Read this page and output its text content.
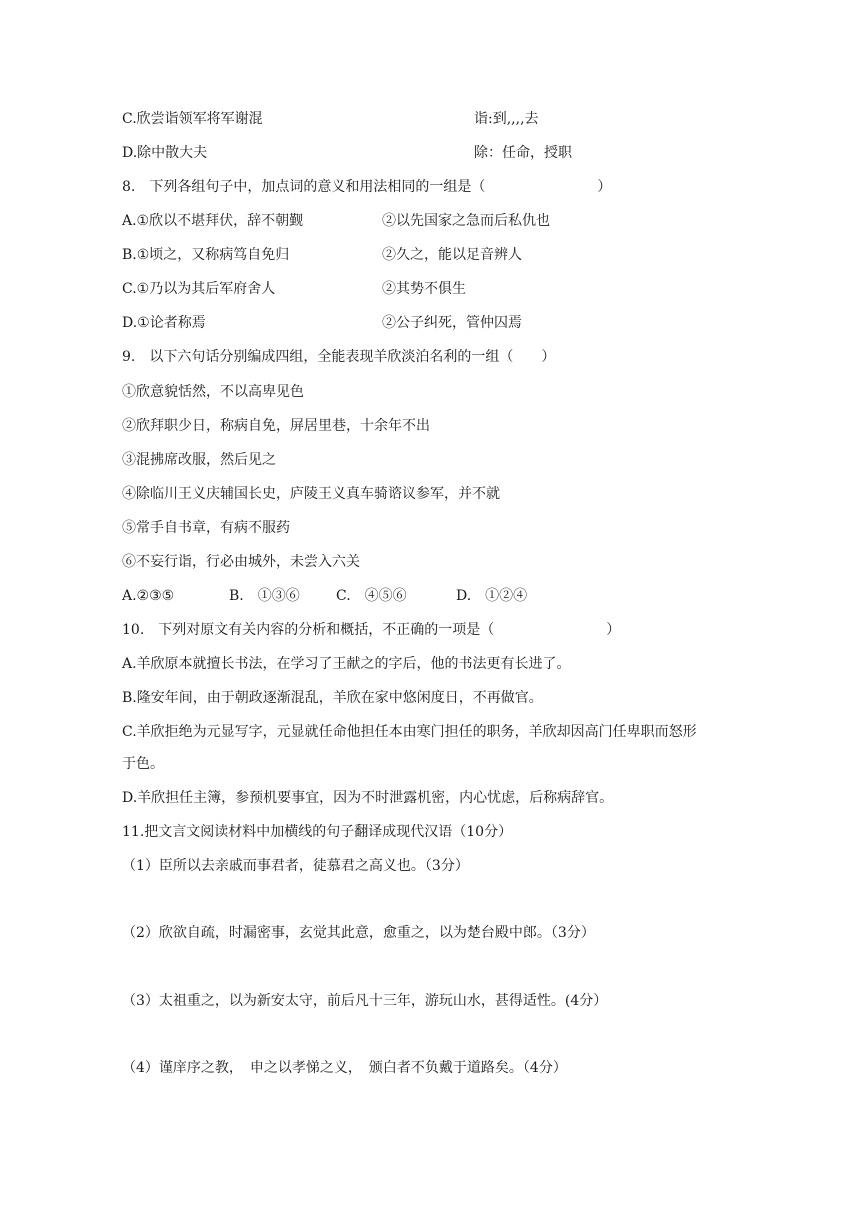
C.欣尝诣领军将军谢混	诣:到,,,,去
D.除中散大夫	除：任命，授职
8.　下列各组句子中，加点词的意义和用法相同的一组是（　　　　　　　　）
A.①欣以不堪拜伏，辞不朝觐	②以先国家之急而后私仇也
B.①顷之，又称病笃自免归	②久之，能以足音辨人
C.①乃以为其后军府舍人	②其势不俱生
D.①论者称焉	②公子纠死，管仲囚焉
9.　以下六句话分别编成四组，全能表现羊欣淡泊名利的一组（　　）
①欣意貌恬然，不以高卑见色
②欣拜职少日，称病自免，屏居里巷，十余年不出
③混拂席改服，然后见之
④除临川王义庆辅国长史，庐陵王义真车骑谘议参军，并不就
⑤常手自书章，有病不服药
⑥不妄行诣，行必由城外，未尝入六关
A.②③⑤	B.　①③⑥	C.　④⑤⑥	D.　①②④
10.　下列对原文有关内容的分析和概括，不正确的一项是（　　　　　　　　）
A.羊欣原本就擅长书法，在学习了王献之的字后，他的书法更有长进了。
B.隆安年间，由于朝政逐渐混乱，羊欣在家中悠闲度日，不再做官。
C.羊欣拒绝为元显写字，元显就任命他担任本由寒门担任的职务，羊欣却因高门任卑职而怒形
于色。
D.羊欣担任主簿，参预机要事宜，因为不时泄露机密，内心忧虑，后称病辞官。
11.把文言文阅读材料中加横线的句子翻译成现代汉语（10分）
（1）臣所以去亲戚而事君者，徒慕君之高义也。（3分）
（2）欣欲自疏，时漏密事，玄觉其此意，愈重之，以为楚台殿中郎。（3分）
（3）太祖重之，以为新安太守，前后凡十三年，游玩山水，甚得适性。(4分）
（4）谨庠序之教，　申之以孝悌之义，　颁白者不负戴于道路矣。（4分）
